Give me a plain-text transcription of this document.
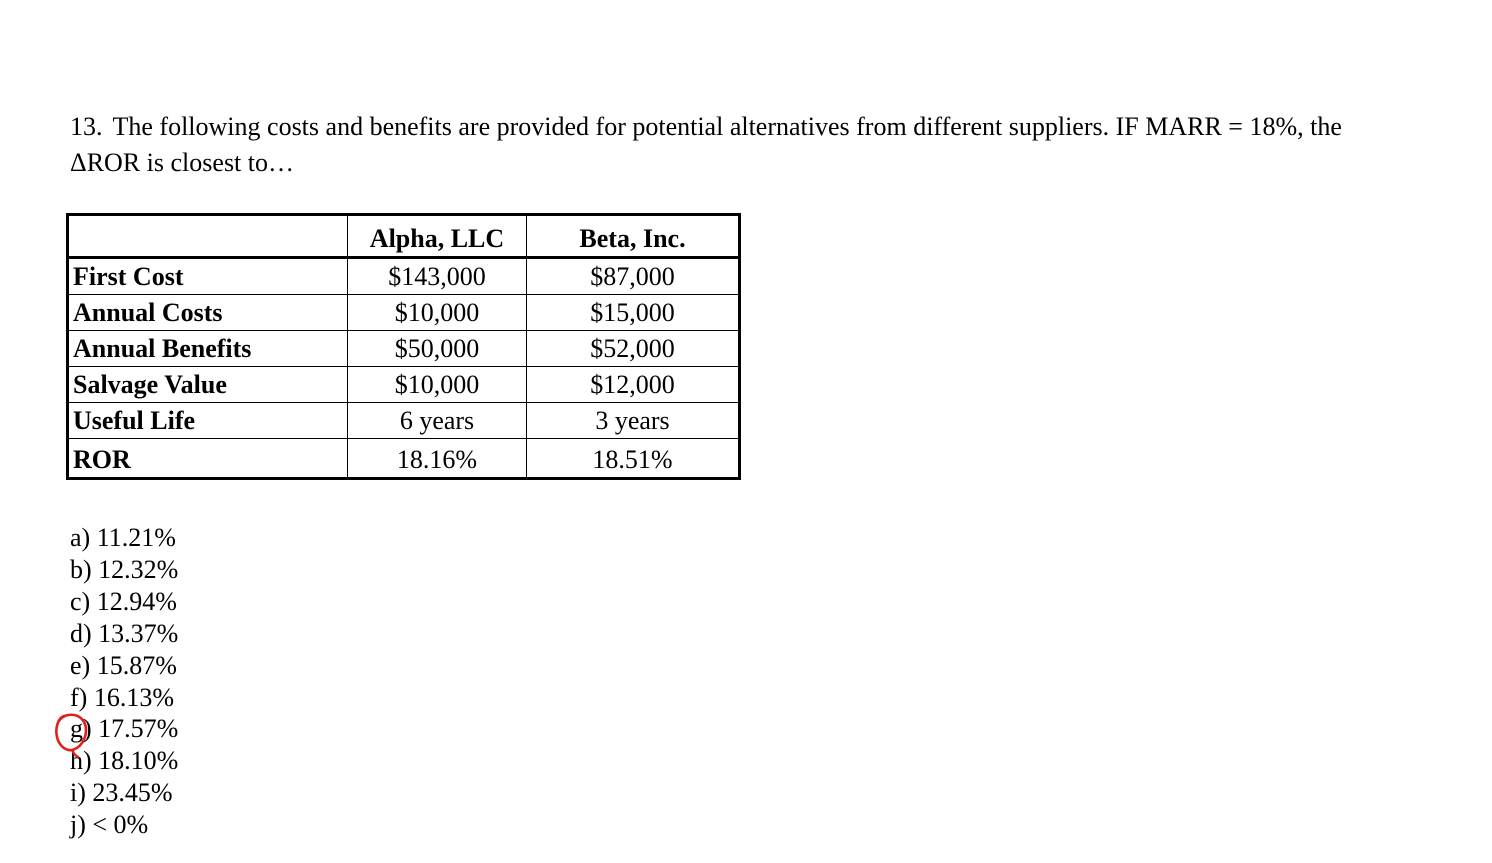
13. The following costs and benefits are provided for potential alternatives from different suppliers. IF MARR = 18%, the
ΔROR is closest to…
	Alpha, LLC	Beta, Inc.
First Cost	$143,000	$87,000
Annual Costs	$10,000	$15,000
Annual Benefits	$50,000	$52,000
Salvage Value	$10,000	$12,000
Useful Life	6 years	3 years
ROR	18.16%	18.51%
a) 11.21%
b) 12.32%
c) 12.94%
d) 13.37%
e) 15.87%
f) 16.13%
g) 17.57%
h) 18.10%
i) 23.45%
j) < 0%
